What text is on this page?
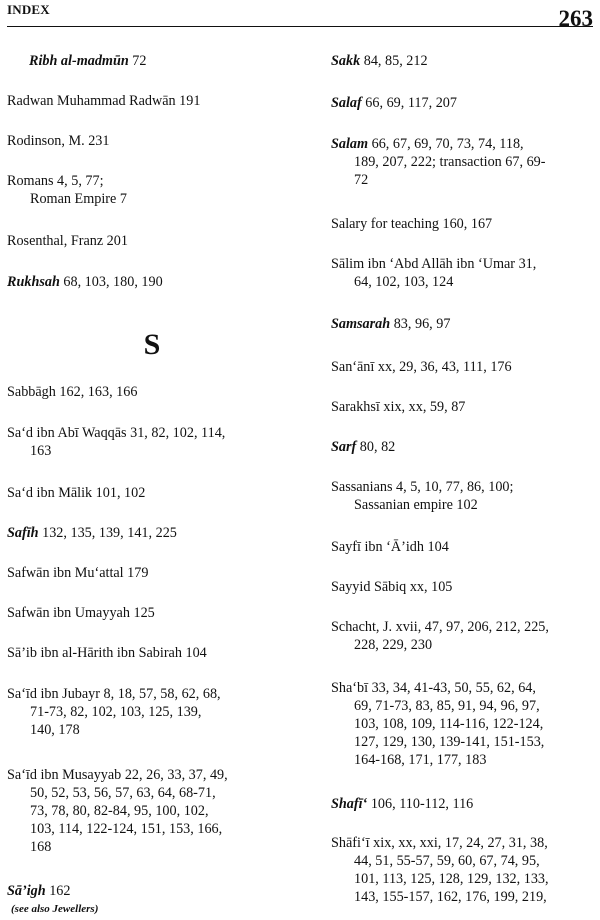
INDEX	263
Ribh al-madmūn 72
Radwan Muhammad Radwān 191
Rodinson, M. 231
Romans 4, 5, 77;
Roman Empire 7
Rosenthal, Franz 201
Rukhsah 68, 103, 180, 190
S
Sabbāgh 162, 163, 166
Sa‘d ibn Abī Waqqās 31, 82, 102, 114,
163
Sa‘d ibn Mālik 101, 102
Safīh 132, 135, 139, 141, 225
Safwān ibn Mu‘attal 179
Safwān ibn Umayyah 125
Sā’ib ibn al-Hārith ibn Sabirah 104
Sa‘īd ibn Jubayr 8, 18, 57, 58, 62, 68,
71-73, 82, 102, 103, 125, 139,
140, 178
Sa‘īd ibn Musayyab 22, 26, 33, 37, 49,
50, 52, 53, 56, 57, 63, 64, 68-71,
73, 78, 80, 82-84, 95, 100, 102,
103, 114, 122-124, 151, 153, 166,
168
Sā’igh 162
(see also Jewellers)
Sakk 84, 85, 212
Salaf 66, 69, 117, 207
Salam 66, 67, 69, 70, 73, 74, 118,
189, 207, 222; transaction 67, 69-
72
Salary for teaching 160, 167
Sālim ibn ‘Abd Allāh ibn ‘Umar 31,
64, 102, 103, 124
Samsarah 83, 96, 97
San‘ānī xx, 29, 36, 43, 111, 176
Sarakhsī xix, xx, 59, 87
Sarf 80, 82
Sassanians 4, 5, 10, 77, 86, 100;
Sassanian empire 102
Sayfī ibn ‘Ā’idh 104
Sayyid Sābiq xx, 105
Schacht, J. xvii, 47, 97, 206, 212, 225,
228, 229, 230
Sha‘bī 33, 34, 41-43, 50, 55, 62, 64,
69, 71-73, 83, 85, 91, 94, 96, 97,
103, 108, 109, 114-116, 122-124,
127, 129, 130, 139-141, 151-153,
164-168, 171, 177, 183
Shafī‘ 106, 110-112, 116
Shāfi‘ī xix, xx, xxi, 17, 24, 27, 31, 38,
44, 51, 55-57, 59, 60, 67, 74, 95,
101, 113, 125, 128, 129, 132, 133,
143, 155-157, 162, 176, 199, 219,
